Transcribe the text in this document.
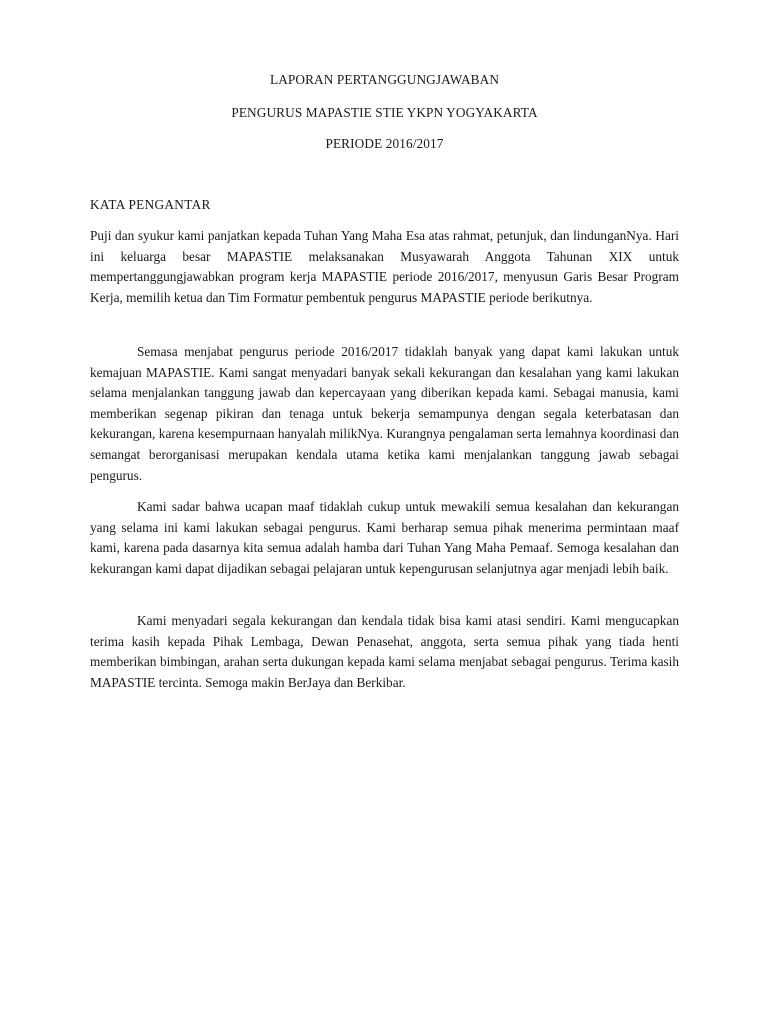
LAPORAN PERTANGGUNGJAWABAN

PENGURUS MAPASTIE STIE YKPN YOGYAKARTA

PERIODE 2016/2017

KATA PENGANTAR

Puji dan syukur kami panjatkan kepada Tuhan Yang Maha Esa atas rahmat, petunjuk, dan lindunganNya. Hari ini keluarga besar MAPASTIE melaksanakan Musyawarah Anggota Tahunan XIX untuk mempertanggungjawabkan program kerja MAPASTIE periode 2016/2017, menyusun Garis Besar Program Kerja, memilih ketua dan Tim Formatur pembentuk pengurus MAPASTIE periode berikutnya.

Semasa menjabat pengurus periode 2016/2017 tidaklah banyak yang dapat kami lakukan untuk kemajuan MAPASTIE. Kami sangat menyadari banyak sekali kekurangan dan kesalahan yang kami lakukan selama menjalankan tanggung jawab dan kepercayaan yang diberikan kepada kami. Sebagai manusia, kami memberikan segenap pikiran dan tenaga untuk bekerja semampunya dengan segala keterbatasan dan kekurangan, karena kesempurnaan hanyalah milikNya. Kurangnya pengalaman serta lemahnya koordinasi dan semangat berorganisasi merupakan kendala utama ketika kami menjalankan tanggung jawab sebagai pengurus.

Kami sadar bahwa ucapan maaf tidaklah cukup untuk mewakili semua kesalahan dan kekurangan yang selama ini kami lakukan sebagai pengurus. Kami berharap semua pihak menerima permintaan maaf kami, karena pada dasarnya kita semua adalah hamba dari Tuhan Yang Maha Pemaaf. Semoga kesalahan dan kekurangan kami dapat dijadikan sebagai pelajaran untuk kepengurusan selanjutnya agar menjadi lebih baik.

Kami menyadari segala kekurangan dan kendala tidak bisa kami atasi sendiri. Kami mengucapkan terima kasih kepada Pihak Lembaga, Dewan Penasehat, anggota, serta semua pihak yang tiada henti memberikan bimbingan, arahan serta dukungan kepada kami selama menjabat sebagai pengurus. Terima kasih MAPASTIE tercinta. Semoga makin BerJaya dan Berkibar.
